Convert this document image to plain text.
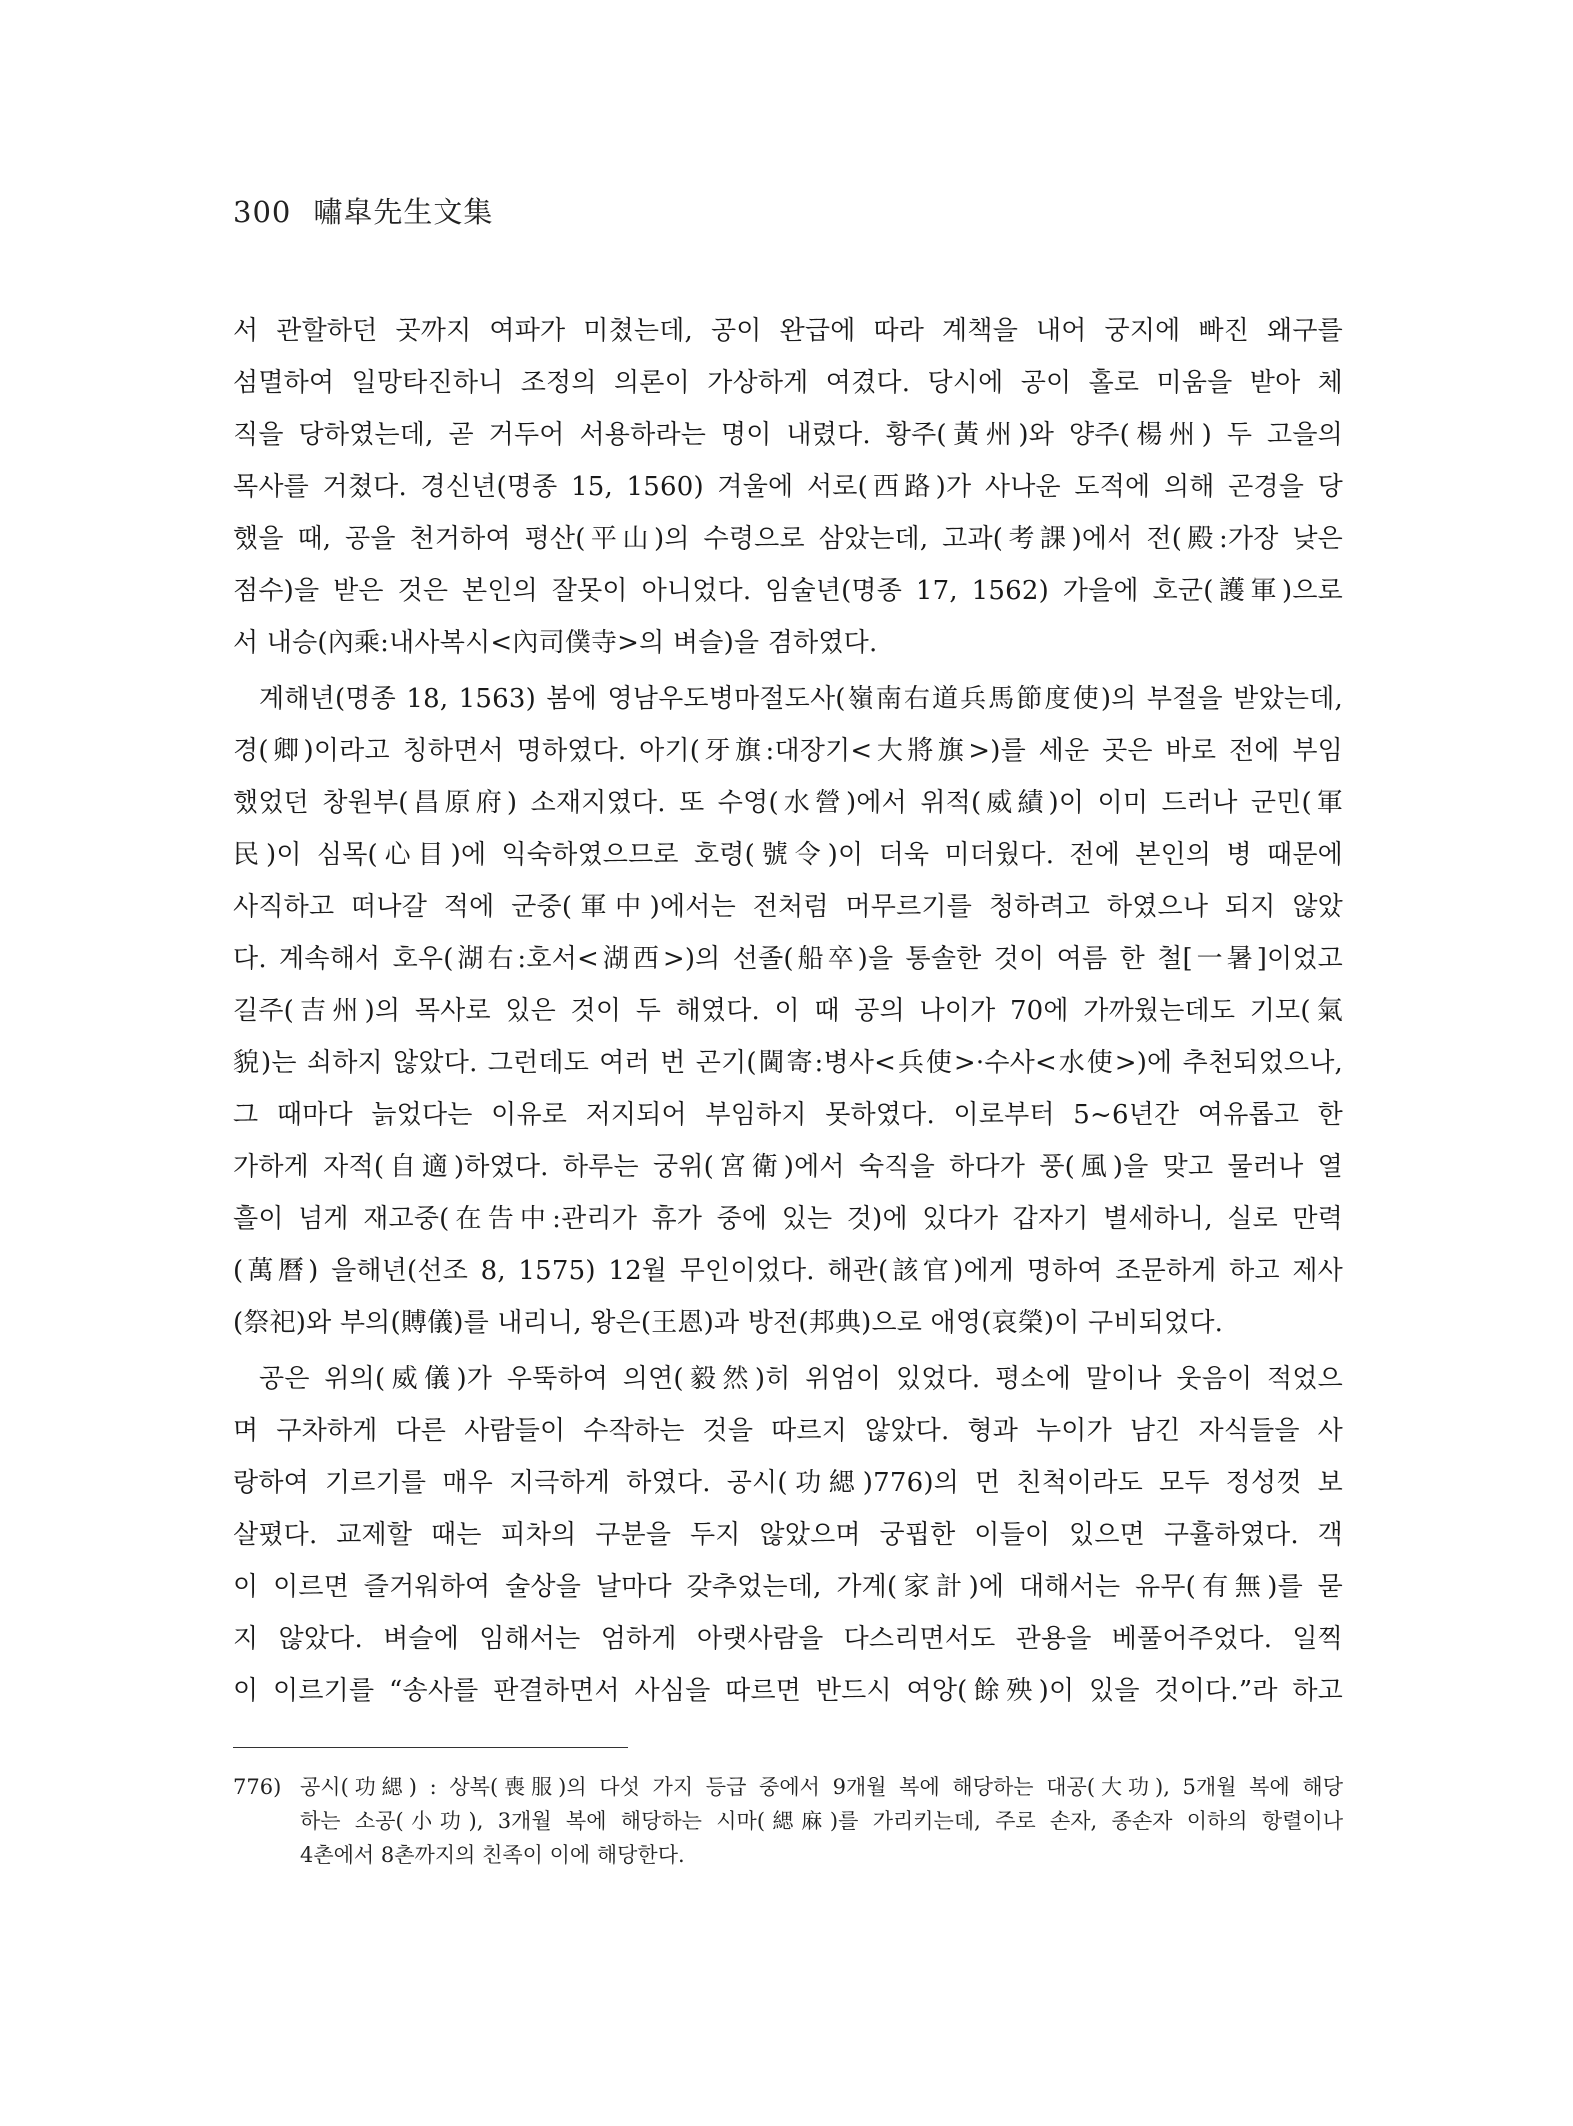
300 嘯皐先生文集
서 관할하던 곳까지 여파가 미쳤는데, 공이 완급에 따라 계책을 내어 궁지에 빠진 왜구를
섬멸하여 일망타진하니 조정의 의론이 가상하게 여겼다. 당시에 공이 홀로 미움을 받아 체
직을 당하였는데, 곧 거두어 서용하라는 명이 내렸다. 황주(黃州)와 양주(楊州) 두 고을의
목사를 거쳤다. 경신년(명종 15, 1560) 겨울에 서로(西路)가 사나운 도적에 의해 곤경을 당
했을 때, 공을 천거하여 평산(平山)의 수령으로 삼았는데, 고과(考課)에서 전(殿:가장 낮은
점수)을 받은 것은 본인의 잘못이 아니었다. 임술년(명종 17, 1562) 가을에 호군(護軍)으로
서 내승(內乘:내사복시<內司僕寺>의 벼슬)을 겸하였다.
계해년(명종 18, 1563) 봄에 영남우도병마절도사(嶺南右道兵馬節度使)의 부절을 받았는데,
경(卿)이라고 칭하면서 명하였다. 아기(牙旗:대장기<大將旗>)를 세운 곳은 바로 전에 부임
했었던 창원부(昌原府) 소재지였다. 또 수영(水營)에서 위적(威績)이 이미 드러나 군민(軍
民)이 심목(心目)에 익숙하였으므로 호령(號令)이 더욱 미더웠다. 전에 본인의 병 때문에
사직하고 떠나갈 적에 군중(軍中)에서는 전처럼 머무르기를 청하려고 하였으나 되지 않았
다. 계속해서 호우(湖右:호서<湖西>)의 선졸(船卒)을 통솔한 것이 여름 한 철[一暑]이었고
길주(吉州)의 목사로 있은 것이 두 해였다. 이 때 공의 나이가 70에 가까웠는데도 기모(氣
貌)는 쇠하지 않았다. 그런데도 여러 번 곤기(閫寄:병사<兵使>·수사<水使>)에 추천되었으나,
그 때마다 늙었다는 이유로 저지되어 부임하지 못하였다. 이로부터 5~6년간 여유롭고 한
가하게 자적(自適)하였다. 하루는 궁위(宮衛)에서 숙직을 하다가 풍(風)을 맞고 물러나 열
흘이 넘게 재고중(在告中:관리가 휴가 중에 있는 것)에 있다가 갑자기 별세하니, 실로 만력
(萬曆) 을해년(선조 8, 1575) 12월 무인이었다. 해관(該官)에게 명하여 조문하게 하고 제사
(祭祀)와 부의(賻儀)를 내리니, 왕은(王恩)과 방전(邦典)으로 애영(哀榮)이 구비되었다.
공은 위의(威儀)가 우뚝하여 의연(毅然)히 위엄이 있었다. 평소에 말이나 웃음이 적었으
며 구차하게 다른 사람들이 수작하는 것을 따르지 않았다. 형과 누이가 남긴 자식들을 사
랑하여 기르기를 매우 지극하게 하였다. 공시(功緦)776)의 먼 친척이라도 모두 정성껏 보
살폈다. 교제할 때는 피차의 구분을 두지 않았으며 궁핍한 이들이 있으면 구휼하였다. 객
이 이르면 즐거워하여 술상을 날마다 갖추었는데, 가계(家計)에 대해서는 유무(有無)를 묻
지 않았다. 벼슬에 임해서는 엄하게 아랫사람을 다스리면서도 관용을 베풀어주었다. 일찍
이 이르기를 “송사를 판결하면서 사심을 따르면 반드시 여앙(餘殃)이 있을 것이다.”라 하고
776) 공시(功緦) : 상복(喪服)의 다섯 가지 등급 중에서 9개월 복에 해당하는 대공(大功), 5개월 복에 해당
하는 소공(小功), 3개월 복에 해당하는 시마(緦麻)를 가리키는데, 주로 손자, 종손자 이하의 항렬이나
4촌에서 8촌까지의 친족이 이에 해당한다.
